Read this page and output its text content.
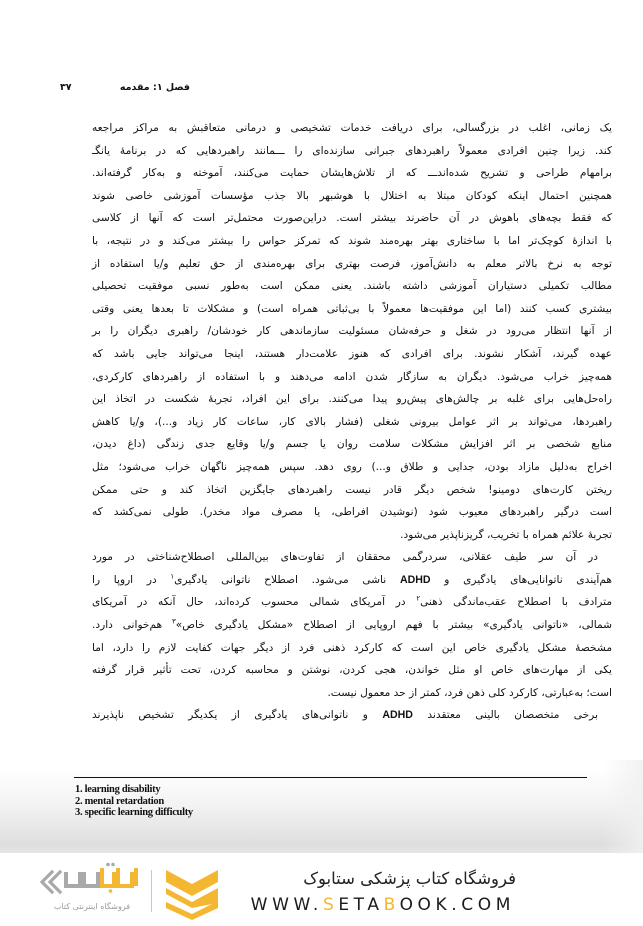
فصل ۱: مقدمه
۳۷

یک زمانی، اغلب در بزرگسالی، برای دریافت خدمات تشخیصی و درمانی متعاقبش به مراکز مراجعه
کند. زیرا چنین افرادی معمولاً راهبردهای جبرانی سازنده‌ای را ـــمانند راهبردهایی که در برنامهٔ یانگـ
برامهام طراحی و تشریح شده‌اندـــ که از تلاش‌هایشان حمایت می‌کنند، آموخته و به‌کار گرفته‌اند.
همچنین احتمال اینکه کودکان مبتلا به اختلال با هوشبهر بالا جذب مؤسسات آموزشی خاصی شوند
که فقط بچه‌های باهوش در آن حاضرند بیشتر است. دراین‌صورت محتمل‌تر است که آنها از کلاسی
با اندازهٔ کوچک‌تر اما با ساختاری بهتر بهره‌مند شوند که تمرکز حواس را بیشتر می‌کند و در نتیجه، با
توجه به نرخ بالاتر معلم به دانش‌آموز، فرصت بهتری برای بهره‌مندی از حق تعلیم و/یا استفاده از
مطالب تکمیلی دستیاران آموزشی داشته باشند. یعنی ممکن است به‌طور نسبی موفقیت تحصیلی
بیشتری کسب کنند (اما این موفقیت‌ها معمولاً با بی‌ثباتی همراه است) و مشکلات تا بعدها یعنی وقتی
از آنها انتظار می‌رود در شغل و حرفه‌شان مسئولیت سازماندهی کار خودشان/ راهبری دیگران را بر
عهده گیرند، آشکار نشوند. برای افرادی که هنوز علامت‌دار هستند، اینجا می‌تواند جایی باشد که
همه‌چیز خراب می‌شود. دیگران به سازگار شدن ادامه می‌دهند و با استفاده از راهبردهای کارکردی،
راه‌حل‌هایی برای غلبه بر چالش‌های پیش‌رو پیدا می‌کنند. برای این افراد، تجربهٔ شکست در اتخاذ این
راهبردها، می‌تواند بر اثر عوامل بیرونی شغلی (فشار بالای کار، ساعات کار زیاد و...)، و/یا کاهش
منابع شخصی بر اثر افزایش مشکلات سلامت روان یا جسم و/یا وقایع جدی زندگی (داغ دیدن،
اخراج به‌دلیل مازاد بودن، جدایی و طلاق و...) روی دهد. سپس همه‌چیز ناگهان خراب می‌شود؛ مثل
ریختن کارت‌های دومینو! شخص دیگر قادر نیست راهبردهای جایگزین اتخاذ کند و حتی ممکن
است درگیر راهبردهای معیوب شود (نوشیدن افراطی، یا مصرف مواد مخدر). طولی نمی‌کشد که
تجربهٔ علائم همراه با تخریب، گریزناپذیر می‌شود.

در آن سر طیف عقلانی، سردرگمی محققان از تفاوت‌های بین‌المللی اصطلاح‌شناختی در مورد
هم‌آیندی ناتوانایی‌های یادگیری و ADHD ناشی می‌شود. اصطلاح ناتوانی یادگیری$^۱$ در اروپا را
مترادف با اصطلاح عقب‌ماندگی ذهنی$^۲$ در آمریکای شمالی محسوب کرده‌اند، حال آنکه در آمریکای
شمالی، «ناتوانی یادگیری» بیشتر با فهم اروپایی از اصطلاح «مشکل یادگیری خاص»$^۳$ هم‌خوانی دارد.
مشخصهٔ مشکل یادگیری خاص این است که کارکرد ذهنی فرد از دیگر جهات کفایت لازم را دارد، اما
یکی از مهارت‌های خاص او مثل خواندن، هجی کردن، نوشتن و محاسبه کردن، تحت تأثیر قرار گرفته
است؛ به‌عبارتی، کارکرد کلی ذهن فرد، کمتر از حد معمول نیست.

برخی متخصصان بالینی معتقدند ADHD و ناتوانی‌های یادگیری از یکدیگر تشخیص ناپذیرند

1. learning disability
2. mental retardation
3. specific learning difficulty
فروشگاه اینترنتی کتاب
فروشگاه کتاب پزشکی ستابوک
WWW.SETABOOK.COM
